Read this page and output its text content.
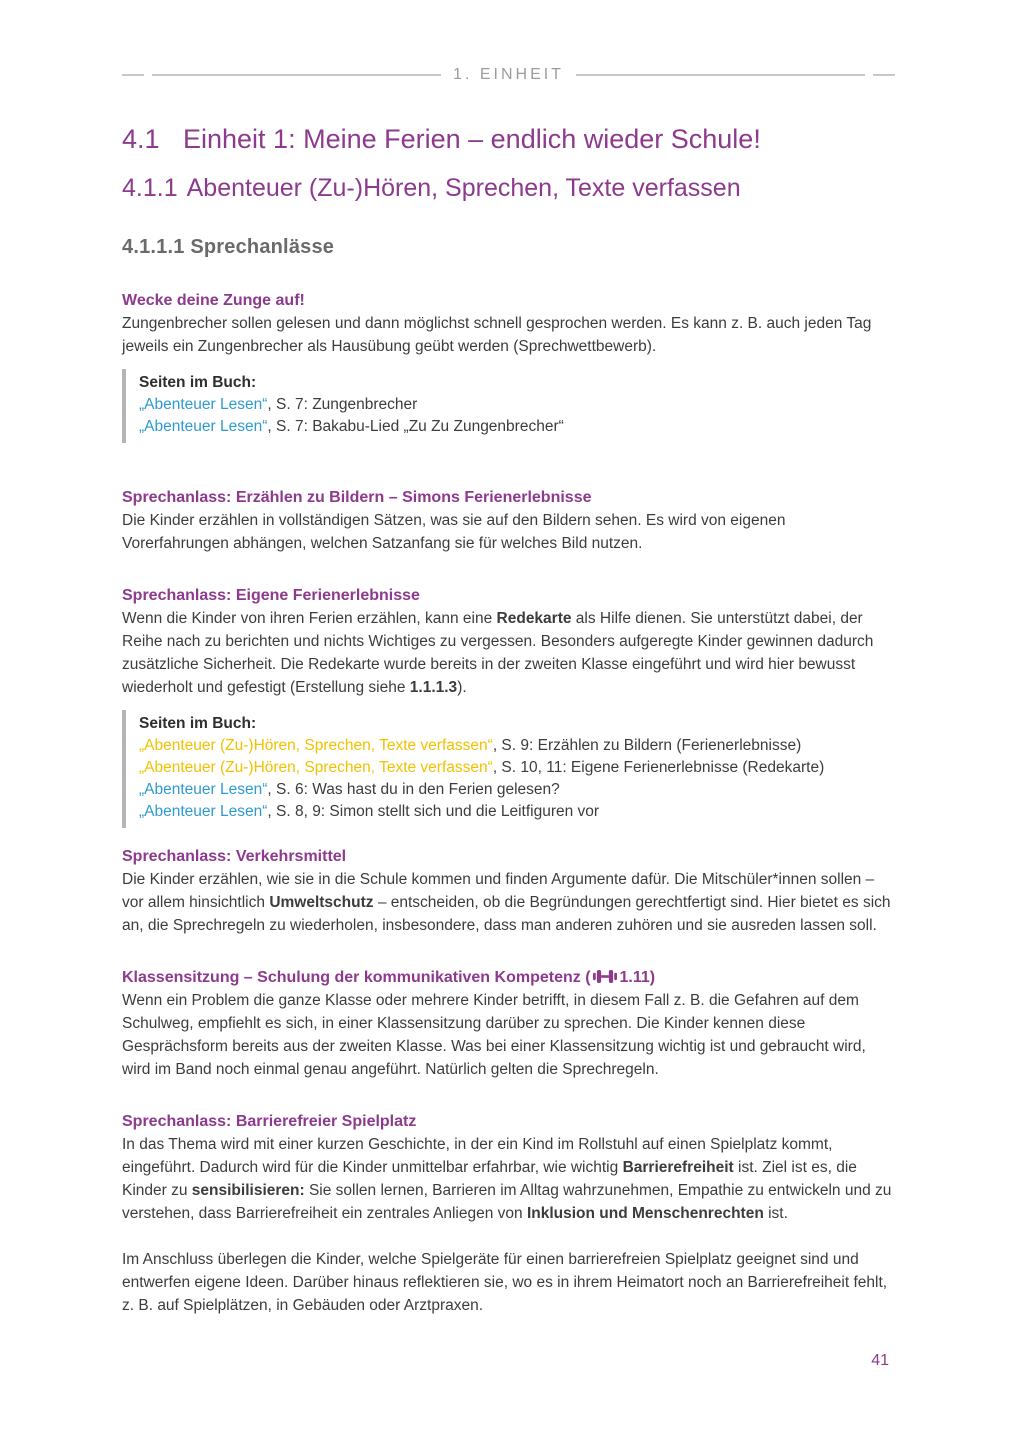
1. EINHEIT
4.1 Einheit 1: Meine Ferien – endlich wieder Schule!
4.1.1 Abenteuer (Zu-)Hören, Sprechen, Texte verfassen
4.1.1.1 Sprechanlässe
Wecke deine Zunge auf!

Zungenbrecher sollen gelesen und dann möglichst schnell gesprochen werden. Es kann z. B. auch jeden Tag jeweils ein Zungenbrecher als Hausübung geübt werden (Sprechwettbewerb).

Seiten im Buch:
„Abenteuer Lesen“, S. 7: Zungenbrecher
„Abenteuer Lesen“, S. 7: Bakabu-Lied „Zu Zu Zungenbrecher“
Sprechanlass: Erzählen zu Bildern – Simons Ferienerlebnisse

Die Kinder erzählen in vollständigen Sätzen, was sie auf den Bildern sehen. Es wird von eigenen Vorerfahrungen abhängen, welchen Satzanfang sie für welches Bild nutzen.

Sprechanlass: Eigene Ferienerlebnisse

Wenn die Kinder von ihren Ferien erzählen, kann eine Redekarte als Hilfe dienen. Sie unterstützt dabei, der Reihe nach zu berichten und nichts Wichtiges zu vergessen. Besonders aufgeregte Kinder gewinnen dadurch zusätzliche Sicherheit. Die Redekarte wurde bereits in der zweiten Klasse eingeführt und wird hier bewusst wiederholt und gefestigt (Erstellung siehe 1.1.1.3).

Seiten im Buch:
„Abenteuer (Zu-)Hören, Sprechen, Texte verfassen“, S. 9: Erzählen zu Bildern (Ferienerlebnisse)
„Abenteuer (Zu-)Hören, Sprechen, Texte verfassen“, S. 10, 11: Eigene Ferienerlebnisse (Redekarte)
„Abenteuer Lesen“, S. 6: Was hast du in den Ferien gelesen?
„Abenteuer Lesen“, S. 8, 9: Simon stellt sich und die Leitfiguren vor
Sprechanlass: Verkehrsmittel

Die Kinder erzählen, wie sie in die Schule kommen und finden Argumente dafür. Die Mitschüler*innen sollen – vor allem hinsichtlich Umweltschutz – entscheiden, ob die Begründungen gerechtfertigt sind. Hier bietet es sich an, die Sprechregeln zu wiederholen, insbesondere, dass man anderen zuhören und sie ausreden lassen soll.

Klassensitzung – Schulung der kommunikativen Kompetenz ( 1.11)

Wenn ein Problem die ganze Klasse oder mehrere Kinder betrifft, in diesem Fall z. B. die Gefahren auf dem Schulweg, empfiehlt es sich, in einer Klassensitzung darüber zu sprechen. Die Kinder kennen diese Gesprächsform bereits aus der zweiten Klasse. Was bei einer Klassensitzung wichtig ist und gebraucht wird, wird im Band noch einmal genau angeführt. Natürlich gelten die Sprechregeln.

Sprechanlass: Barrierefreier Spielplatz

In das Thema wird mit einer kurzen Geschichte, in der ein Kind im Rollstuhl auf einen Spielplatz kommt, eingeführt. Dadurch wird für die Kinder unmittelbar erfahrbar, wie wichtig Barrierefreiheit ist. Ziel ist es, die Kinder zu sensibilisieren: Sie sollen lernen, Barrieren im Alltag wahrzunehmen, Empathie zu entwickeln und zu verstehen, dass Barrierefreiheit ein zentrales Anliegen von Inklusion und Menschenrechten ist.

Im Anschluss überlegen die Kinder, welche Spielgeräte für einen barrierefreien Spielplatz geeignet sind und entwerfen eigene Ideen. Darüber hinaus reflektieren sie, wo es in ihrem Heimatort noch an Barrierefreiheit fehlt, z. B. auf Spielplätzen, in Gebäuden oder Arztpraxen.

41
